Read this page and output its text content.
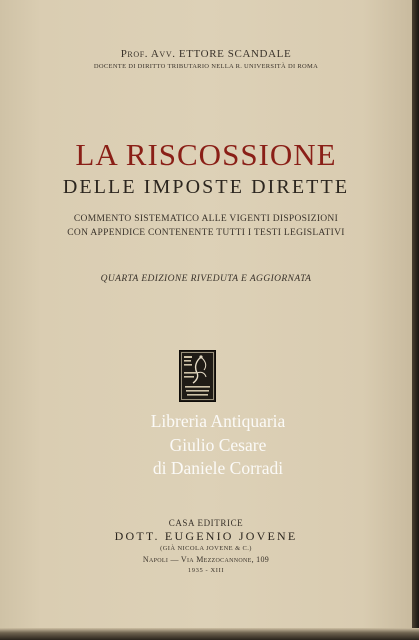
Prof. Avv. ETTORE SCANDALE
DOCENTE DI DIRITTO TRIBUTARIO NELLA R. UNIVERSITÀ DI ROMA
LA RISCOSSIONE
DELLE IMPOSTE DIRETTE
COMMENTO SISTEMATICO ALLE VIGENTI DISPOSIZIONI
CON APPENDICE CONTENENTE TUTTI I TESTI LEGISLATIVI
QUARTA EDIZIONE RIVEDUTA E AGGIORNATA
CASA EDITRICE
DOTT. EUGENIO JOVENE
(GIÀ NICOLA JOVENE & C.)
Napoli — Via Mezzocannone, 109
1935 - XIII
Libreria Antiquaria
Giulio Cesare
di Daniele Corradi
